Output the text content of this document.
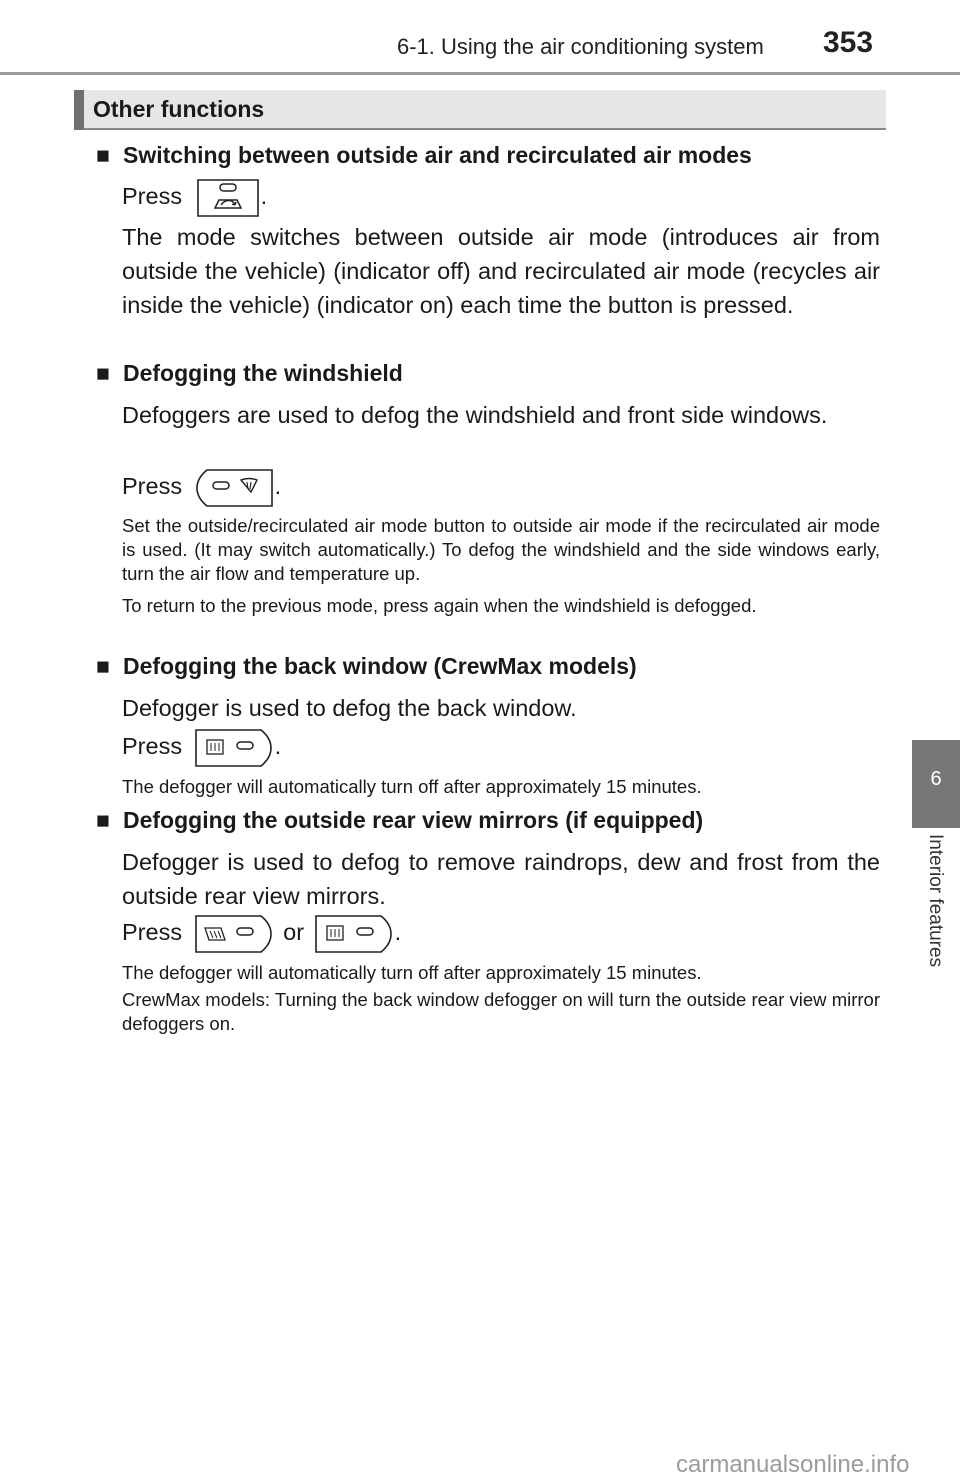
6-1. Using the air conditioning system 353
6
Interior features
Other functions
■ Switching between outside air and recirculated air modes
Press	.
The mode switches between outside air mode (introduces air from outside the vehicle) (indicator off) and recirculated air mode (recycles air inside the vehicle) (indicator on) each time the button is pressed.
■ Defogging the windshield
Defoggers are used to defog the windshield and front side windows.
Press	.
Set the outside/recirculated air mode button to outside air mode if the recirculated air mode is used. (It may switch automatically.) To defog the windshield and the side windows early, turn the air flow and temperature up.
To return to the previous mode, press again when the windshield is defogged.
■ Defogging the back window (CrewMax models)
Defogger is used to defog the back window.
Press	.
The defogger will automatically turn off after approximately 15 minutes.
■ Defogging the outside rear view mirrors (if equipped)
Defogger is used to defog to remove raindrops, dew and frost from the outside rear view mirrors.
Press	or	.
The defogger will automatically turn off after approximately 15 minutes.
CrewMax models: Turning the back window defogger on will turn the outside rear view mirror defoggers on.
carmanualsonline.info
